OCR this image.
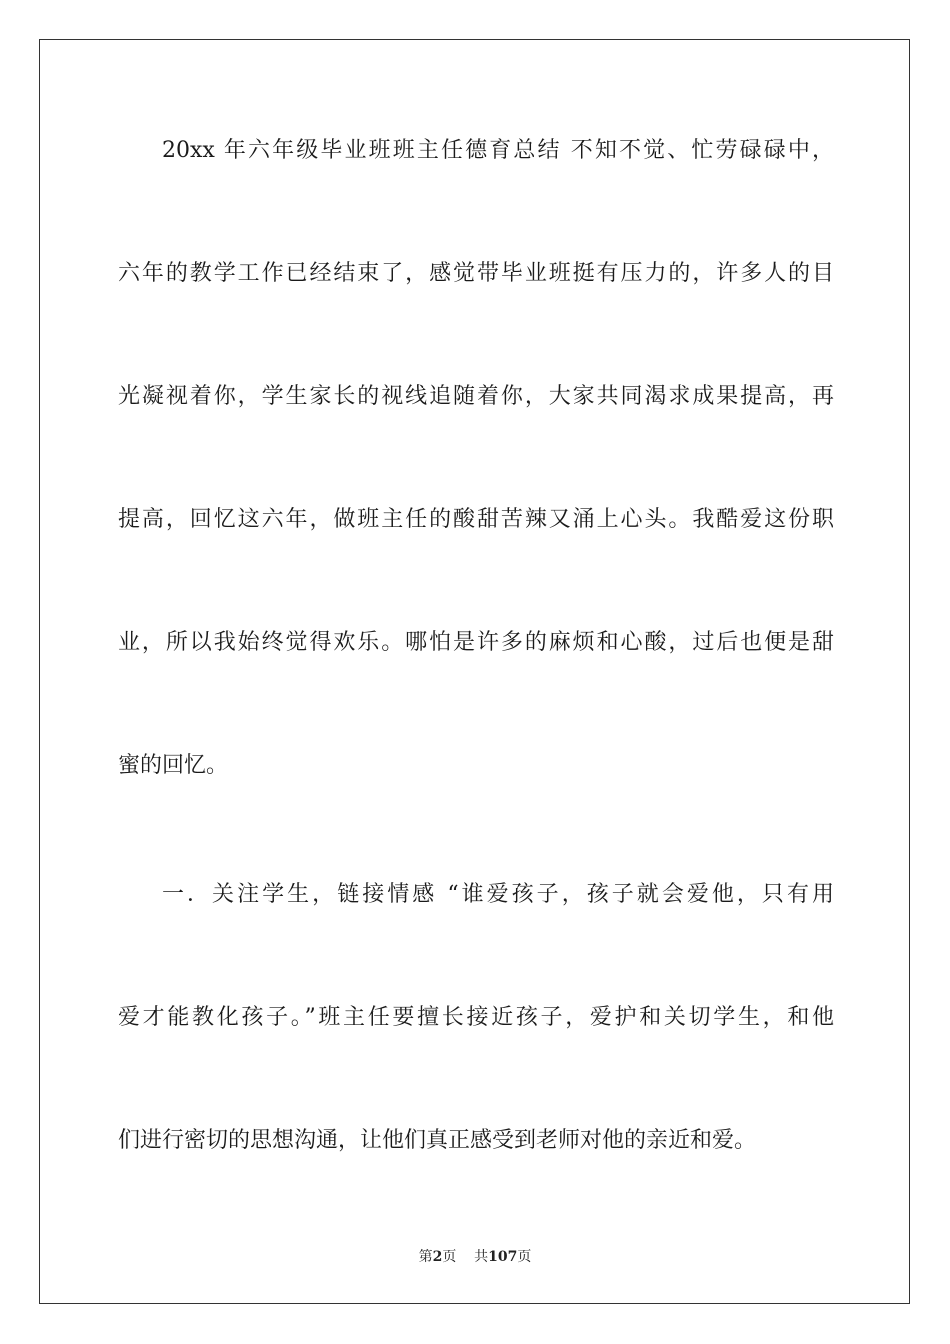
20xx 年六年级毕业班班主任德育总结 不知不觉、忙劳碌碌中，
六年的教学工作已经结束了，感觉带毕业班挺有压力的，许多人的目
光凝视着你，学生家长的视线追随着你，大家共同渴求成果提高，再
提高，回忆这六年，做班主任的酸甜苦辣又涌上心头。我酷爱这份职
业，所以我始终觉得欢乐。哪怕是许多的麻烦和心酸，过后也便是甜
蜜的回忆。
一．关注学生，链接情感 “谁爱孩子，孩子就会爱他，只有用
爱才能教化孩子。”班主任要擅长接近孩子，爱护和关切学生，和他
们进行密切的思想沟通，让他们真正感受到老师对他的亲近和爱。
第2页 共107页
